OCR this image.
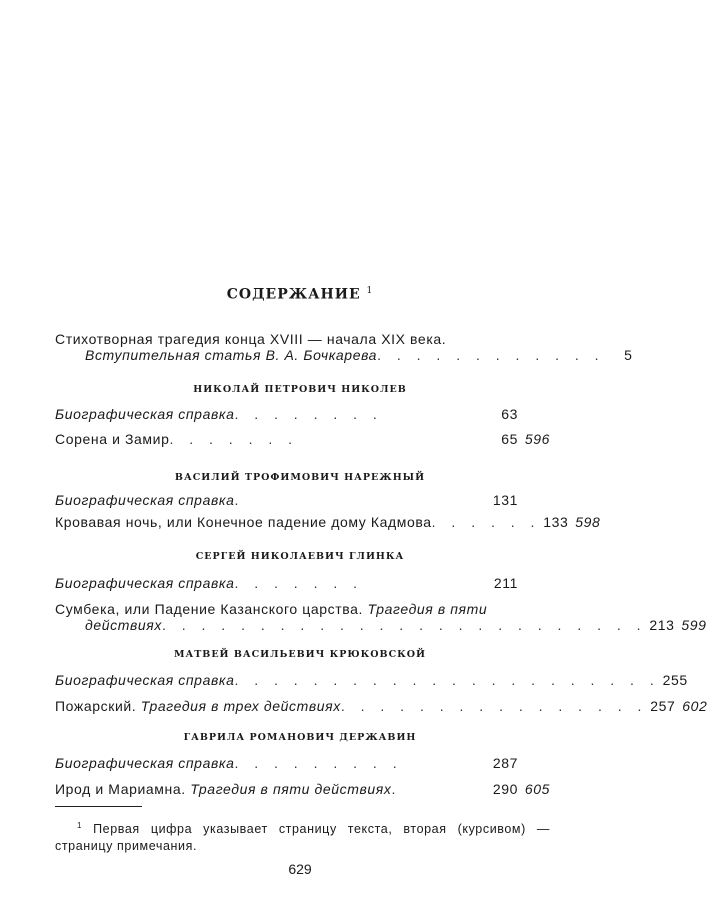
СОДЕРЖАНИЕ $^1$
Стихотворная трагедия конца XVIII — начала XIX века.
Вступительная статья В. А. Бочкарева . . . . . . . . . . . .	5
НИКОЛАЙ ПЕТРОВИЧ НИКОЛЕВ
Биографическая справка . . . . . . . .	63
Сорена и Замир . . . . . . .	65 596
ВАСИЛИЙ ТРОФИМОВИЧ НАРЕЖНЫЙ
Биографическая справка .	131
Кровавая ночь, или Конечное падение дому Кадмова . . . . . . 133 598
СЕРГЕЙ НИКОЛАЕВИЧ ГЛИНКА
Биографическая справка . . . . . . .	211
Сумбека, или Падение Казанского царства. Трагедия в пяти
действиях . . . . . . . . . . . . . . . . . . . . . . . . . 213 599
МАТВЕЙ ВАСИЛЬЕВИЧ КРЮКОВСКОЙ
Биографическая справка . . . . . . . . . . . . . . . . . . . . . . 255
Пожарский. Трагедия в трех действиях . . . . . . . . . . . . . . . . 257 602
ГАВРИЛА РОМАНОВИЧ ДЕРЖАВИН
Биографическая справка . . . . . . . . .	287
Ирод и Мариамна. Трагедия в пяти действиях .	290 605
$^1$ Первая цифра указывает страницу текста, вторая (курсивом) — страницу примечания.
629
